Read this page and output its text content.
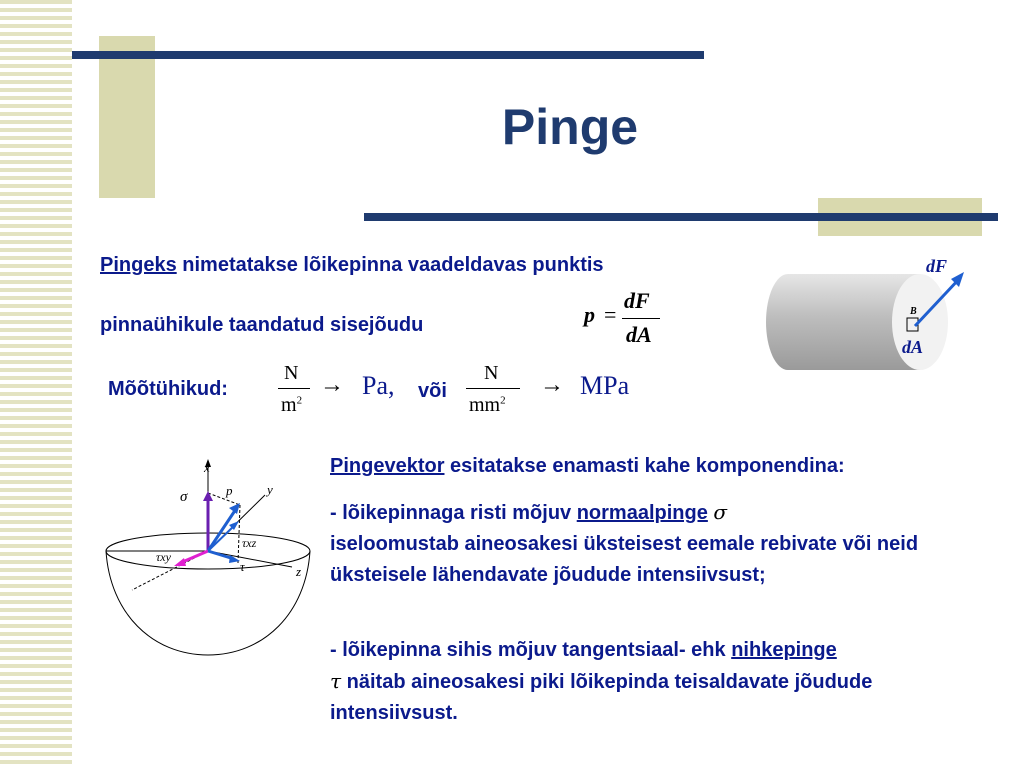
Pinge
Pingeks nimetatakse lõikepinna vaadeldavas punktis
pinnaühikule taandatud sisejõudu	p =
dF
dA
dF
dA
B
Mõõtühikud:
N
$m^2$
→ Pa, või
N
$mm^2$
→ MPa
x
y
z
σ	p
τxz
τxy
τ
Pingevektor esitatakse enamasti kahe komponendina:
- lõikepinnaga risti mõjuv normaalpinge σ
iseloomustab aineosakesi üksteisest eemale rebivate või neid üksteisele lähendavate jõudude intensiivsust;
- lõikepinna sihis mõjuv tangentsiaal- ehk nihkepinge
τ näitab aineosakesi piki lõikepinda teisaldavate jõudude intensiivsust.
